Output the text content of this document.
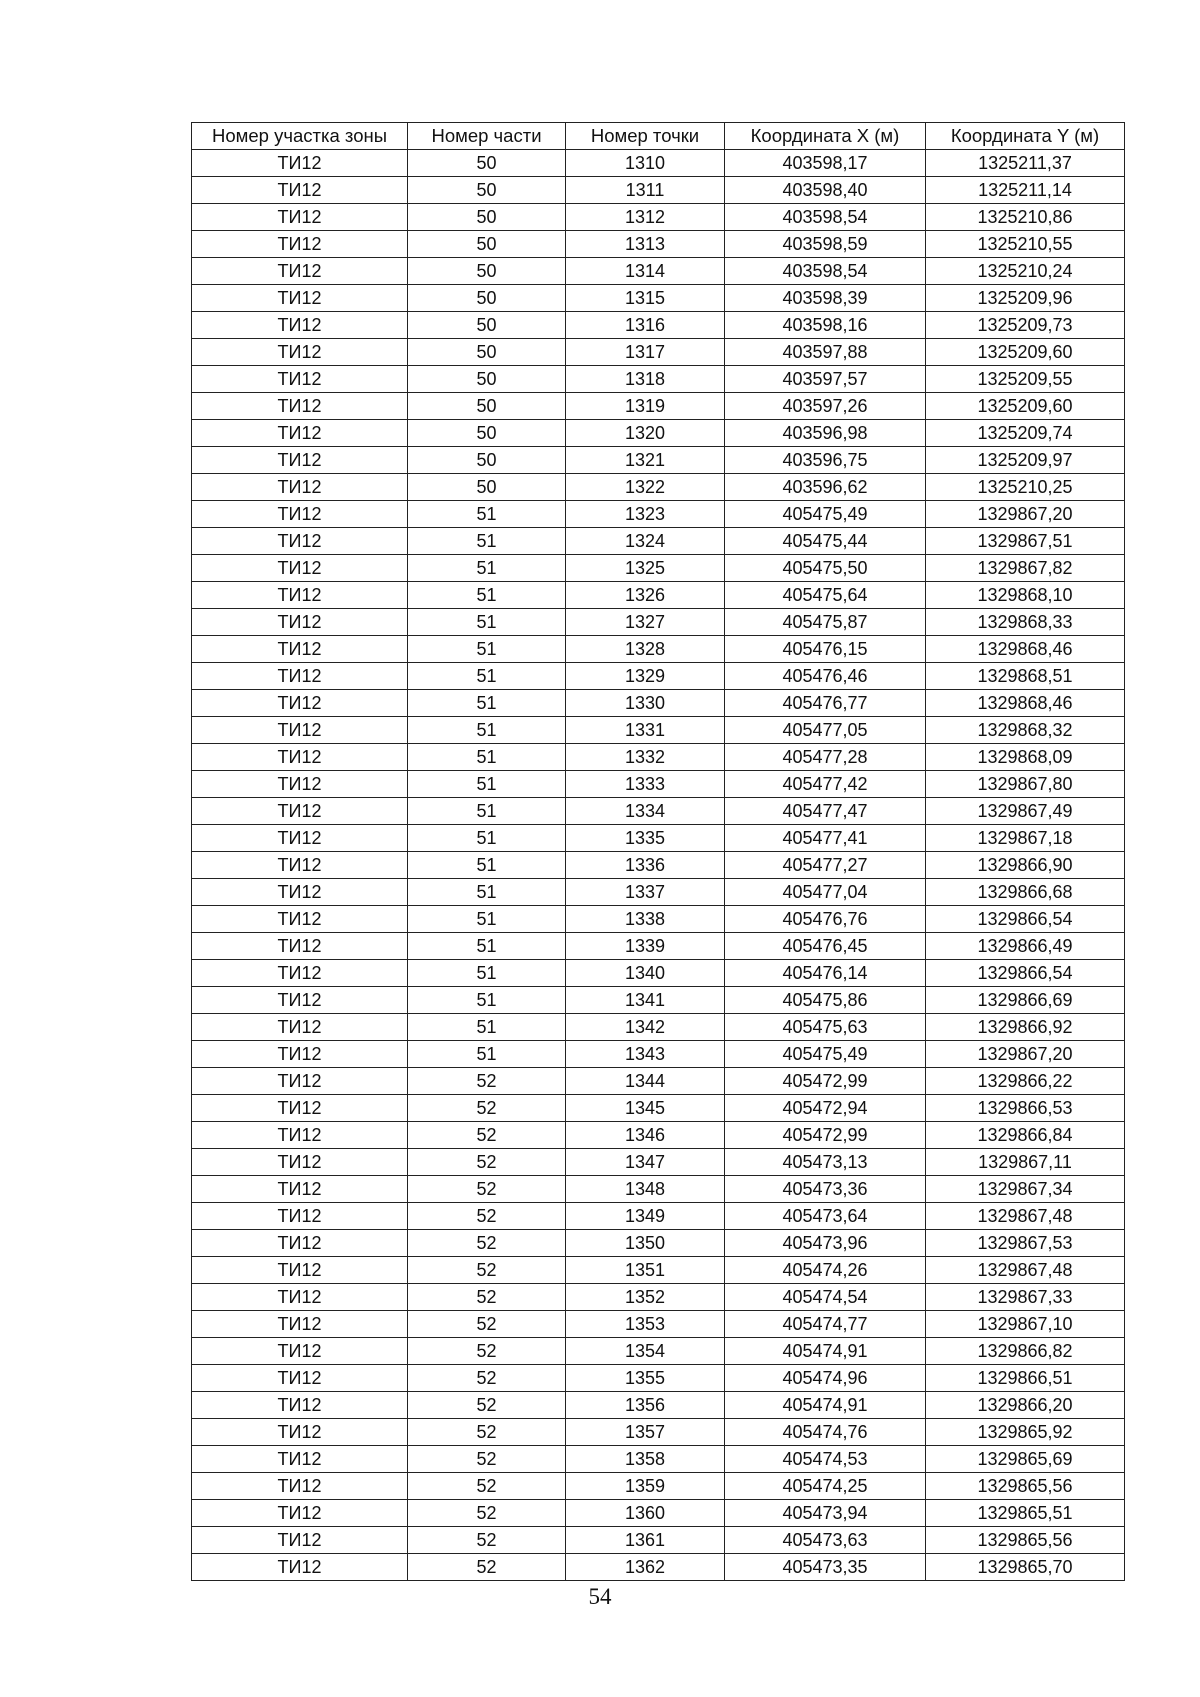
Номер участка зоны	Номер части	Номер точки	Координата X (м)	Координата Y (м)
ТИ12	50	1310	403598,17	1325211,37
ТИ12	50	1311	403598,40	1325211,14
ТИ12	50	1312	403598,54	1325210,86
ТИ12	50	1313	403598,59	1325210,55
ТИ12	50	1314	403598,54	1325210,24
ТИ12	50	1315	403598,39	1325209,96
ТИ12	50	1316	403598,16	1325209,73
ТИ12	50	1317	403597,88	1325209,60
ТИ12	50	1318	403597,57	1325209,55
ТИ12	50	1319	403597,26	1325209,60
ТИ12	50	1320	403596,98	1325209,74
ТИ12	50	1321	403596,75	1325209,97
ТИ12	50	1322	403596,62	1325210,25
ТИ12	51	1323	405475,49	1329867,20
ТИ12	51	1324	405475,44	1329867,51
ТИ12	51	1325	405475,50	1329867,82
ТИ12	51	1326	405475,64	1329868,10
ТИ12	51	1327	405475,87	1329868,33
ТИ12	51	1328	405476,15	1329868,46
ТИ12	51	1329	405476,46	1329868,51
ТИ12	51	1330	405476,77	1329868,46
ТИ12	51	1331	405477,05	1329868,32
ТИ12	51	1332	405477,28	1329868,09
ТИ12	51	1333	405477,42	1329867,80
ТИ12	51	1334	405477,47	1329867,49
ТИ12	51	1335	405477,41	1329867,18
ТИ12	51	1336	405477,27	1329866,90
ТИ12	51	1337	405477,04	1329866,68
ТИ12	51	1338	405476,76	1329866,54
ТИ12	51	1339	405476,45	1329866,49
ТИ12	51	1340	405476,14	1329866,54
ТИ12	51	1341	405475,86	1329866,69
ТИ12	51	1342	405475,63	1329866,92
ТИ12	51	1343	405475,49	1329867,20
ТИ12	52	1344	405472,99	1329866,22
ТИ12	52	1345	405472,94	1329866,53
ТИ12	52	1346	405472,99	1329866,84
ТИ12	52	1347	405473,13	1329867,11
ТИ12	52	1348	405473,36	1329867,34
ТИ12	52	1349	405473,64	1329867,48
ТИ12	52	1350	405473,96	1329867,53
ТИ12	52	1351	405474,26	1329867,48
ТИ12	52	1352	405474,54	1329867,33
ТИ12	52	1353	405474,77	1329867,10
ТИ12	52	1354	405474,91	1329866,82
ТИ12	52	1355	405474,96	1329866,51
ТИ12	52	1356	405474,91	1329866,20
ТИ12	52	1357	405474,76	1329865,92
ТИ12	52	1358	405474,53	1329865,69
ТИ12	52	1359	405474,25	1329865,56
ТИ12	52	1360	405473,94	1329865,51
ТИ12	52	1361	405473,63	1329865,56
ТИ12	52	1362	405473,35	1329865,70
54
